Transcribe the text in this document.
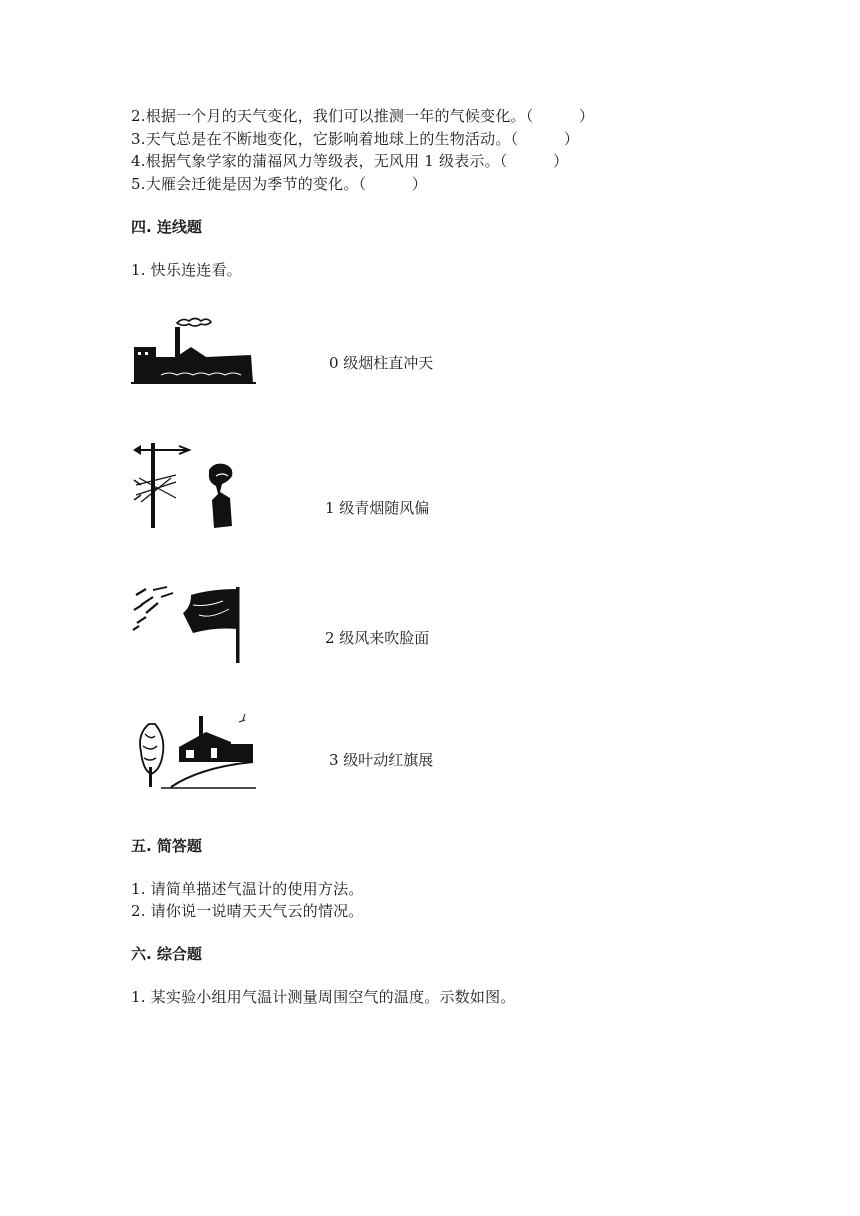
2.根据一个月的天气变化，我们可以推测一年的气候变化。（　　　）
3.天气总是在不断地变化，它影响着地球上的生物活动。（　　　）
4.根据气象学家的蒲福风力等级表，无风用 1 级表示。（　　　）
5.大雁会迁徙是因为季节的变化。（　　　）
四. 连线题
1. 快乐连连看。
0 级烟柱直冲天
1 级青烟随风偏
2 级风来吹脸面
3 级叶动红旗展
五. 简答题
1. 请简单描述气温计的使用方法。
2. 请你说一说晴天天气云的情况。
六. 综合题
1. 某实验小组用气温计测量周围空气的温度。示数如图。
